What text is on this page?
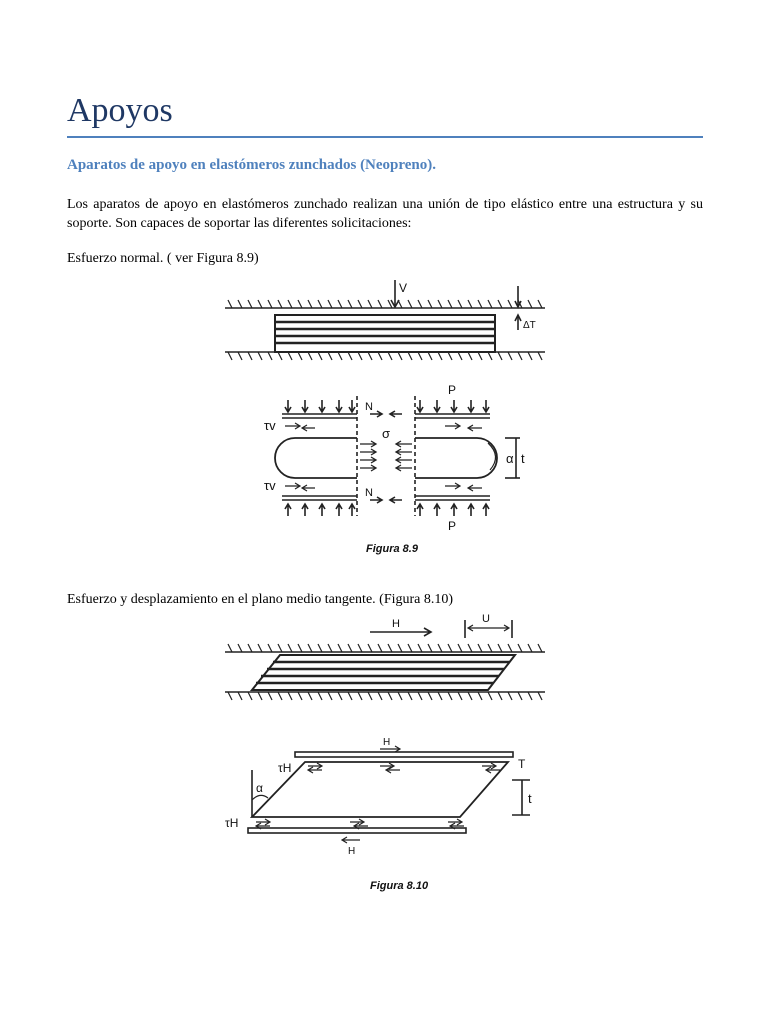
Apoyos
Aparatos de apoyo en elastómeros zunchados (Neopreno).

Los aparatos de apoyo en elastómeros zunchado realizan una unión de tipo elástico entre una estructura y su soporte. Son capaces de soportar las diferentes solicitaciones:

Esfuerzo normal. ( ver Figura 8.9)

V
ΔT
P
P
N
N
τv
τv
σ
α t
Figura 8.9

Esfuerzo y desplazamiento en el plano medio tangente. (Figura 8.10)

H	U
H
H
τH
τH
α
T
t
Figura 8.10
